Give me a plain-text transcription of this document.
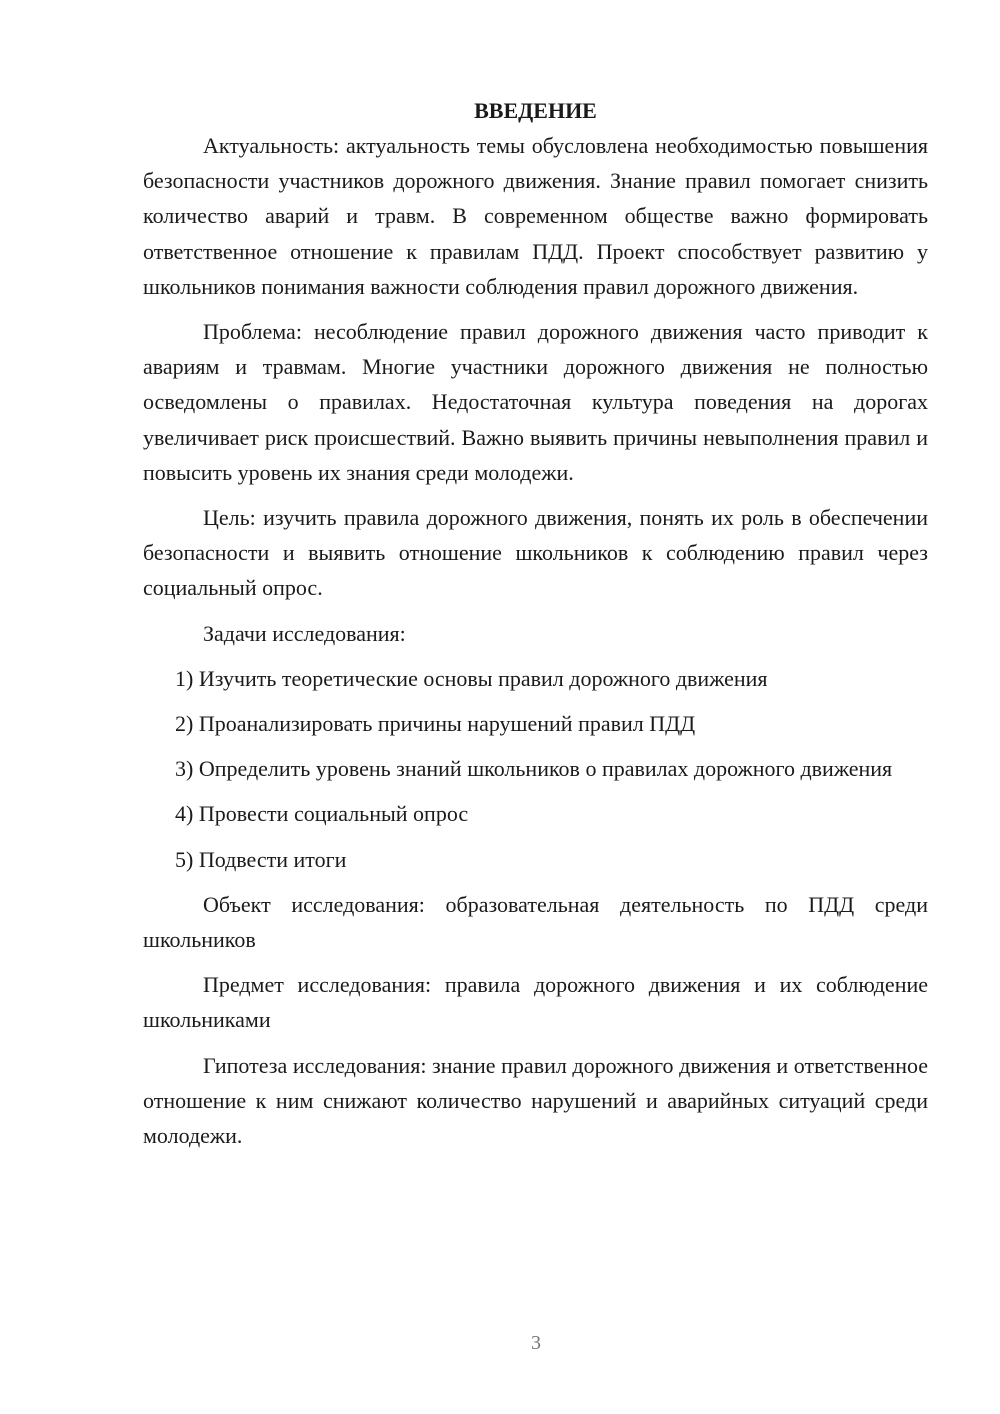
ВВЕДЕНИЕ

Актуальность: актуальность темы обусловлена необходимостью повышения безопасности участников дорожного движения. Знание правил помогает снизить количество аварий и травм. В современном обществе важно формировать ответственное отношение к правилам ПДД. Проект способствует развитию у школьников понимания важности соблюдения правил дорожного движения.

Проблема: несоблюдение правил дорожного движения часто приводит к авариям и травмам. Многие участники дорожного движения не полностью осведомлены о правилах. Недостаточная культура поведения на дорогах увеличивает риск происшествий. Важно выявить причины невыполнения правил и повысить уровень их знания среди молодежи.

Цель: изучить правила дорожного движения, понять их роль в обеспечении безопасности и выявить отношение школьников к соблюдению правил через социальный опрос.

Задачи исследования:

1) Изучить теоретические основы правил дорожного движения

2) Проанализировать причины нарушений правил ПДД

3) Определить уровень знаний школьников о правилах дорожного движения

4) Провести социальный опрос

5) Подвести итоги

Объект исследования: образовательная деятельность по ПДД среди школьников

Предмет исследования: правила дорожного движения и их соблюдение школьниками

Гипотеза исследования: знание правил дорожного движения и ответственное отношение к ним снижают количество нарушений и аварийных ситуаций среди молодежи.

3
